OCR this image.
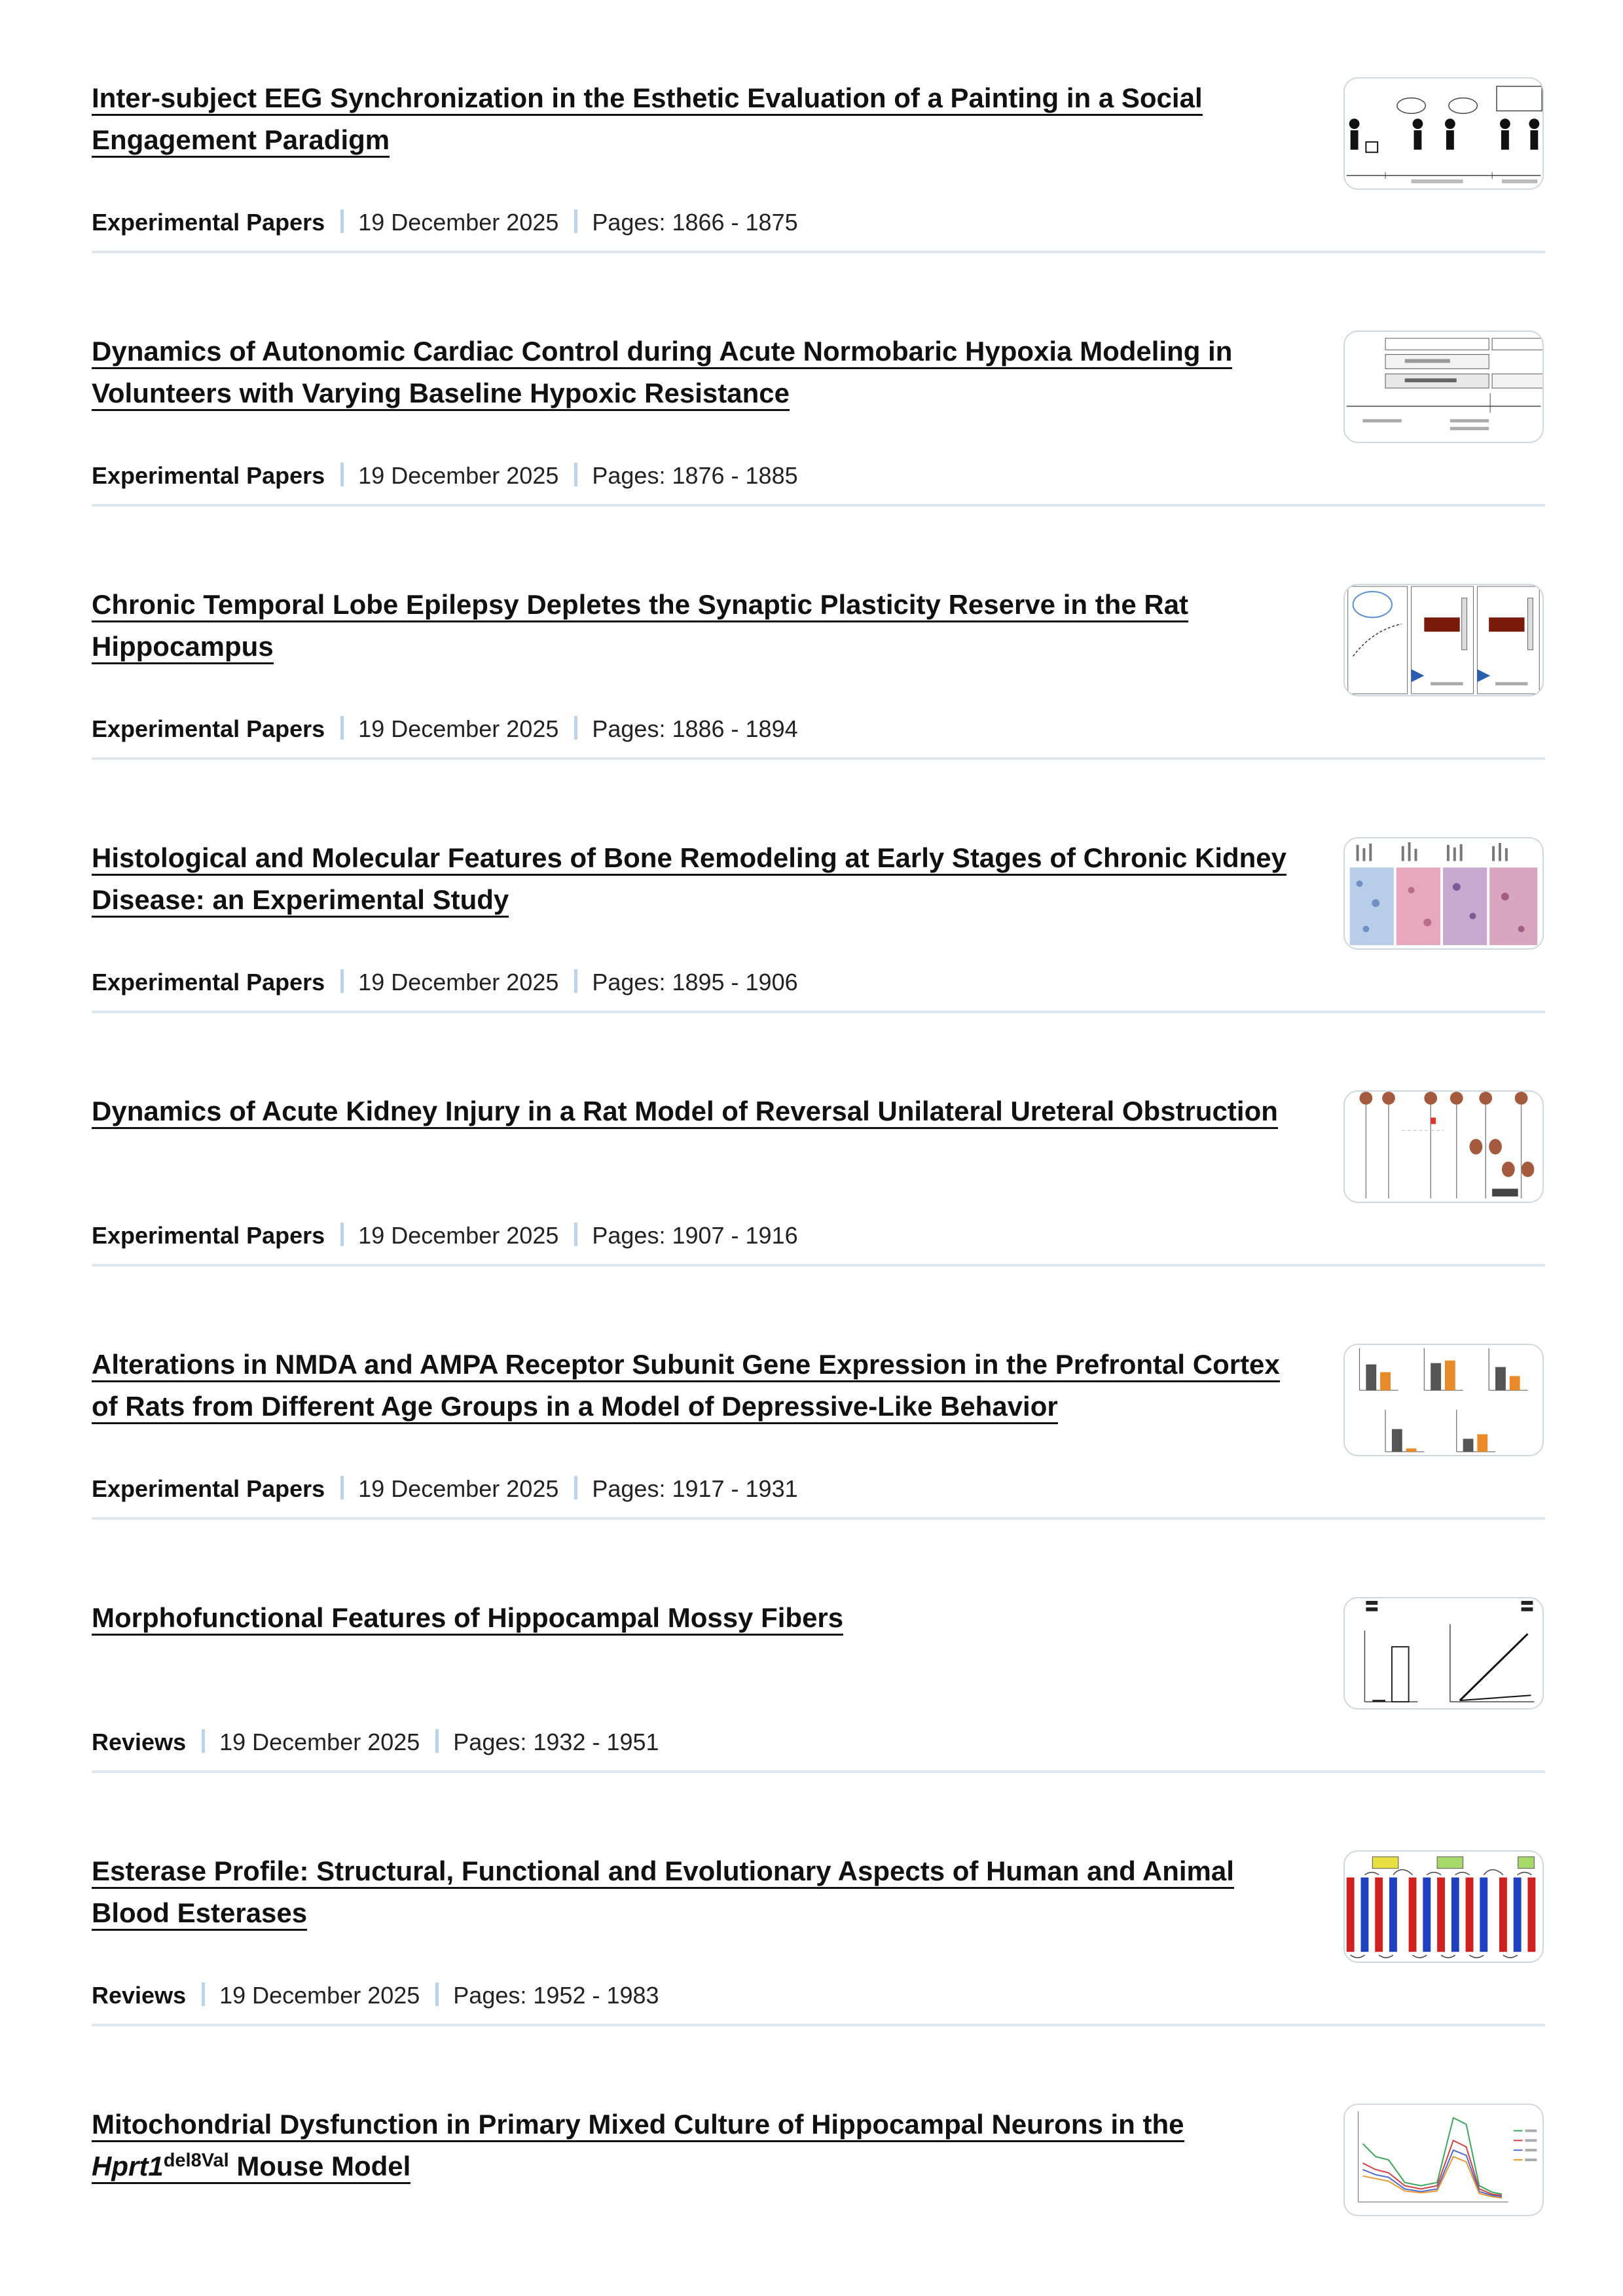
Inter-subject EEG Synchronization in the Esthetic Evaluation of a Painting in a Social Engagement Paradigm
Experimental Papers 19 December 2025 Pages: 1866 - 1875
Dynamics of Autonomic Cardiac Control during Acute Normobaric Hypoxia Modeling in Volunteers with Varying Baseline Hypoxic Resistance
Experimental Papers 19 December 2025 Pages: 1876 - 1885
Chronic Temporal Lobe Epilepsy Depletes the Synaptic Plasticity Reserve in the Rat Hippocampus
Experimental Papers 19 December 2025 Pages: 1886 - 1894
Histological and Molecular Features of Bone Remodeling at Early Stages of Chronic Kidney Disease: an Experimental Study
Experimental Papers 19 December 2025 Pages: 1895 - 1906
Dynamics of Acute Kidney Injury in a Rat Model of Reversal Unilateral Ureteral Obstruction
Experimental Papers 19 December 2025 Pages: 1907 - 1916
Alterations in NMDA and AMPA Receptor Subunit Gene Expression in the Prefrontal Cortex of Rats from Different Age Groups in a Model of Depressive-Like Behavior
Experimental Papers 19 December 2025 Pages: 1917 - 1931
Morphofunctional Features of Hippocampal Mossy Fibers
Reviews 19 December 2025 Pages: 1932 - 1951
Esterase Profile: Structural, Functional and Evolutionary Aspects of Human and Animal Blood Esterases
Reviews 19 December 2025 Pages: 1952 - 1983
Mitochondrial Dysfunction in Primary Mixed Culture of Hippocampal Neurons in the $Hprt1^{del8Val}$ Mouse Model
